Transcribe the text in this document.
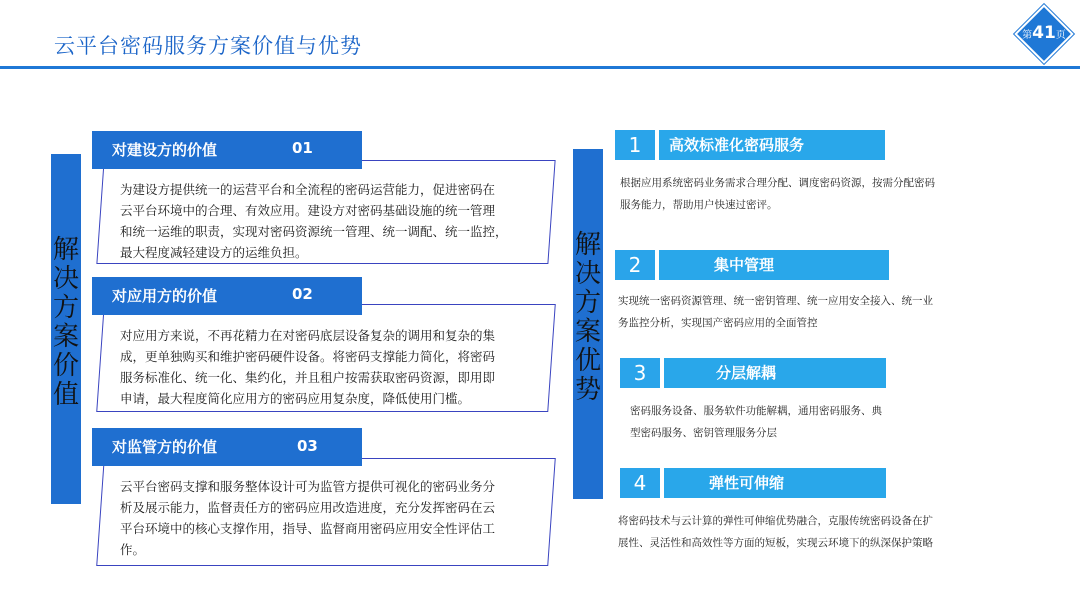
云平台密码服务方案价值与优势	第41页
解
决
方
案
价
值
解
决
方
案
优
势
对建设方的价值	01
为建设方提供统一的运营平台和全流程的密码运营能力，促进密码在
云平台环境中的合理、有效应用。建设方对密码基础设施的统一管理
和统一运维的职责，实现对密码资源统一管理、统一调配、统一监控，
最大程度减轻建设方的运维负担。
对应用方的价值	02
对应用方来说，不再花精力在对密码底层设备复杂的调用和复杂的集
成，更单独购买和维护密码硬件设备。将密码支撑能力简化，将密码
服务标准化、统一化、集约化，并且租户按需获取密码资源，即用即
申请，最大程度简化应用方的密码应用复杂度，降低使用门槛。
对监管方的价值	03
云平台密码支撑和服务整体设计可为监管方提供可视化的密码业务分
析及展示能力，监督责任方的密码应用改造进度，充分发挥密码在云
平台环境中的核心支撑作用，指导、监督商用密码应用安全性评估工
作。
1	高效标准化密码服务
根据应用系统密码业务需求合理分配、调度密码资源，按需分配密码
服务能力，帮助用户快速过密评。
2	集中管理
实现统一密码资源管理、统一密钥管理、统一应用安全接入、统一业
务监控分析，实现国产密码应用的全面管控
3	分层解耦
密码服务设备、服务软件功能解耦，通用密码服务、典
型密码服务、密钥管理服务分层
4	弹性可伸缩
将密码技术与云计算的弹性可伸缩优势融合，克服传统密码设备在扩
展性、灵活性和高效性等方面的短板，实现云环境下的纵深保护策略
